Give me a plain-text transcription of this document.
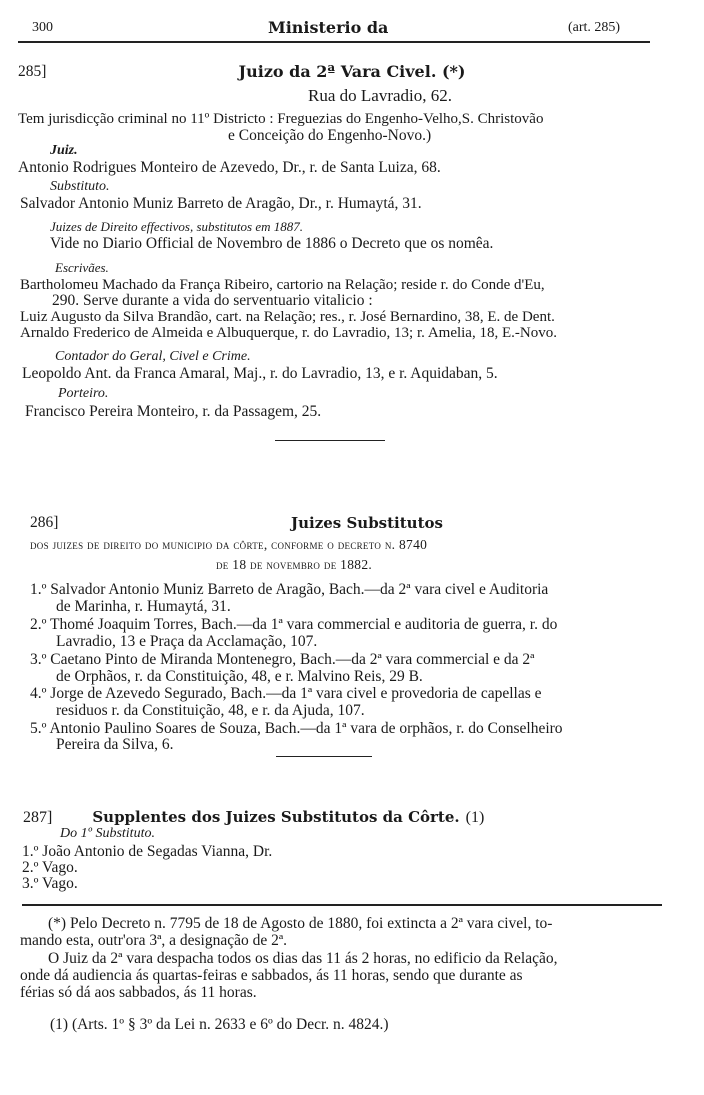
300	Ministerio da	(art. 285)
285]	Juizo da 2ª Vara Civel. (*)
Rua do Lavradio, 62.
Tem jurisdicção criminal no 11º Districto : Freguezias do Engenho-Velho,S. Christovão
e Conceição do Engenho-Novo.)
Juiz.
Antonio Rodrigues Monteiro de Azevedo, Dr., r. de Santa Luiza, 68.
Substituto.
Salvador Antonio Muniz Barreto de Aragão, Dr., r. Humaytá, 31.
Juizes de Direito effectivos, substitutos em 1887.
Vide no Diario Official de Novembro de 1886 o Decreto que os nomêa.
Escrivães.
Bartholomeu Machado da França Ribeiro, cartorio na Relação; reside r. do Conde d'Eu,
290. Serve durante a vida do serventuario vitalicio :
Luiz Augusto da Silva Brandão, cart. na Relação; res., r. José Bernardino, 38, E. de Dent.
Arnaldo Frederico de Almeida e Albuquerque, r. do Lavradio, 13; r. Amelia, 18, E.-Novo.
Contador do Geral, Civel e Crime.
Leopoldo Ant. da Franca Amaral, Maj., r. do Lavradio, 13, e r. Aquidaban, 5.
Porteiro.
Francisco Pereira Monteiro, r. da Passagem, 25.
286]	Juizes Substitutos
dos juizes de direito do municipio da côrte, conforme o decreto n. 8740
de 18 de novembro de 1882.
1.º Salvador Antonio Muniz Barreto de Aragão, Bach.—da 2ª vara civel e Auditoria
de Marinha, r. Humaytá, 31.
2.º Thomé Joaquim Torres, Bach.—da 1ª vara commercial e auditoria de guerra, r. do
Lavradio, 13 e Praça da Acclamação, 107.
3.º Caetano Pinto de Miranda Montenegro, Bach.—da 2ª vara commercial e da 2ª
de Orphãos, r. da Constituição, 48, e r. Malvino Reis, 29 B.
4.º Jorge de Azevedo Segurado, Bach.—da 1ª vara civel e provedoria de capellas e
residuos r. da Constituição, 48, e r. da Ajuda, 107.
5.º Antonio Paulino Soares de Souza, Bach.—da 1ª vara de orphãos, r. do Conselheiro
Pereira da Silva, 6.
287]	Supplentes dos Juizes Substitutos da Côrte. (1)
Do 1º Substituto.
1.º João Antonio de Segadas Vianna, Dr.
2.º Vago.
3.º Vago.
(*) Pelo Decreto n. 7795 de 18 de Agosto de 1880, foi extincta a 2ª vara civel, to-
mando esta, outr'ora 3ª, a designação de 2ª.
O Juiz da 2ª vara despacha todos os dias das 11 ás 2 horas, no edificio da Relação,
onde dá audiencia ás quartas-feiras e sabbados, ás 11 horas, sendo que durante as
férias só dá aos sabbados, ás 11 horas.
(1) (Arts. 1º § 3º da Lei n. 2633 e 6º do Decr. n. 4824.)
